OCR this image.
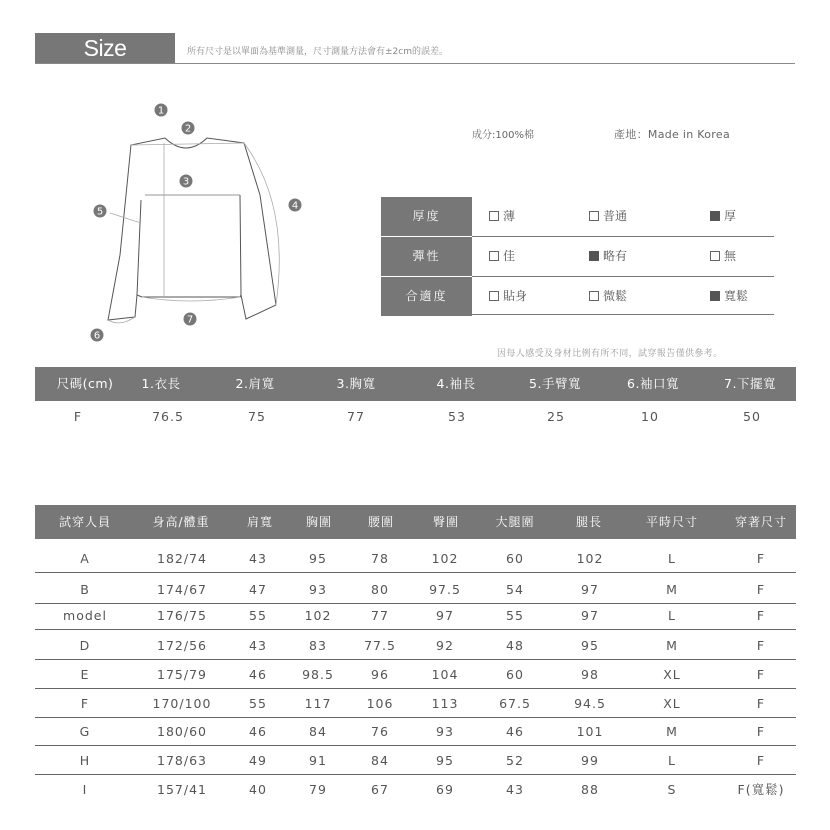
Size Information
所有尺寸是以單面為基準測量，尺寸測量方法會有±2cm的誤差。
1
2
3
4
5
6
7
成分:100%棉	產地：Made in Korea
厚度	薄	普通	厚
彈性	佳	略有	無
合適度	貼身	微鬆	寬鬆
因每人感受及身材比例有所不同，試穿報告僅供參考。
尺碼(cm) 1.衣長	2.肩寬	3.胸寬	4.袖長	5.手臂寬	6.袖口寬	7.下擺寬
F	76.5	75	77	53	25	10	50
試穿人員	身高/體重	肩寬	胸圍	腰圍	臀圍	大腿圍	腿長	平時尺寸	穿著尺寸
A	182/74	43	95	78	102	60	102	L	F
B	174/67	47	93	80	97.5	54	97	M	F
model	176/75	55	102	77	97	55	97	L	F
D	172/56	43	83	77.5	92	48	95	M	F
E	175/79	46	98.5	96	104	60	98	XL	F
F	170/100	55	117	106	113	67.5	94.5	XL	F
G	180/60	46	84	76	93	46	101	M	F
H	178/63	49	91	84	95	52	99	L	F
I	157/41	40	79	67	69	43	88	S	F(寬鬆)
